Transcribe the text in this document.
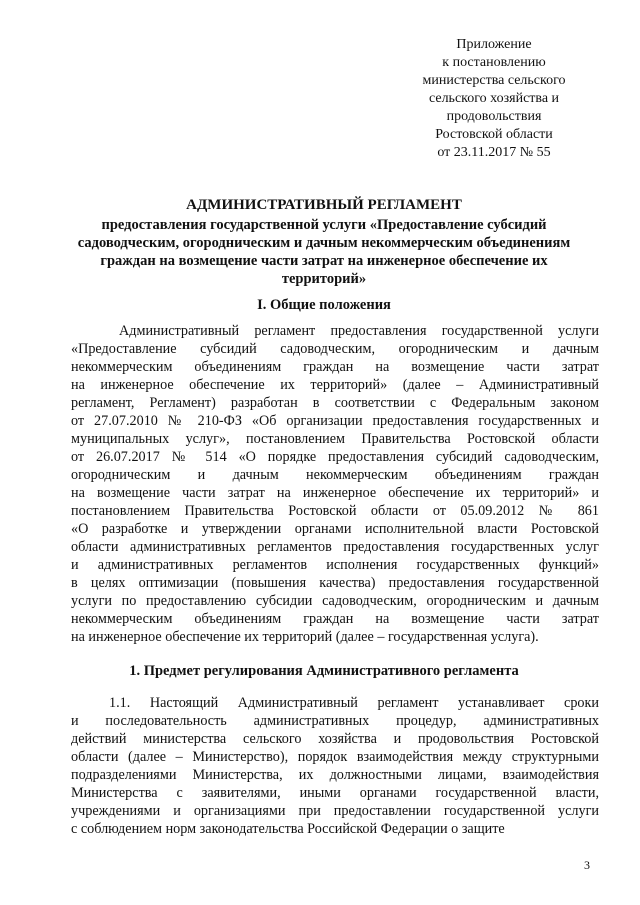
Приложение
к постановлению
министерства сельского
сельского хозяйства и
продовольствия
Ростовской области
от 23.11.2017 № 55
АДМИНИСТРАТИВНЫЙ РЕГЛАМЕНТ
предоставления государственной услуги «Предоставление субсидий
садоводческим, огородническим и дачным некоммерческим объединениям
граждан на возмещение части затрат на инженерное обеспечение их
территорий»
I. Общие положения
Административный регламент предоставления государственной услуги
«Предоставление субсидий садоводческим, огородническим и дачным
некоммерческим объединениям граждан на возмещение части затрат
на инженерное обеспечение их территорий» (далее – Административный
регламент, Регламент) разработан в соответствии с Федеральным законом
от 27.07.2010 № 210-ФЗ «Об организации предоставления государственных и
муниципальных услуг», постановлением Правительства Ростовской области
от 26.07.2017 № 514 «О порядке предоставления субсидий садоводческим,
огородническим и дачным некоммерческим объединениям граждан
на возмещение части затрат на инженерное обеспечение их территорий» и
постановлением Правительства Ростовской области от 05.09.2012 № 861
«О разработке и утверждении органами исполнительной власти Ростовской
области административных регламентов предоставления государственных услуг
и административных регламентов исполнения государственных функций»
в целях оптимизации (повышения качества) предоставления государственной
услуги по предоставлению субсидии садоводческим, огородническим и дачным
некоммерческим объединениям граждан на возмещение части затрат
на инженерное обеспечение их территорий (далее – государственная услуга).
1. Предмет регулирования Административного регламента
1.1. Настоящий Административный регламент устанавливает сроки
и последовательность административных процедур, административных
действий министерства сельского хозяйства и продовольствия Ростовской
области (далее – Министерство), порядок взаимодействия между структурными
подразделениями Министерства, их должностными лицами, взаимодействия
Министерства с заявителями, иными органами государственной власти,
учреждениями и организациями при предоставлении государственной услуги
с соблюдением норм законодательства Российской Федерации о защите
3
